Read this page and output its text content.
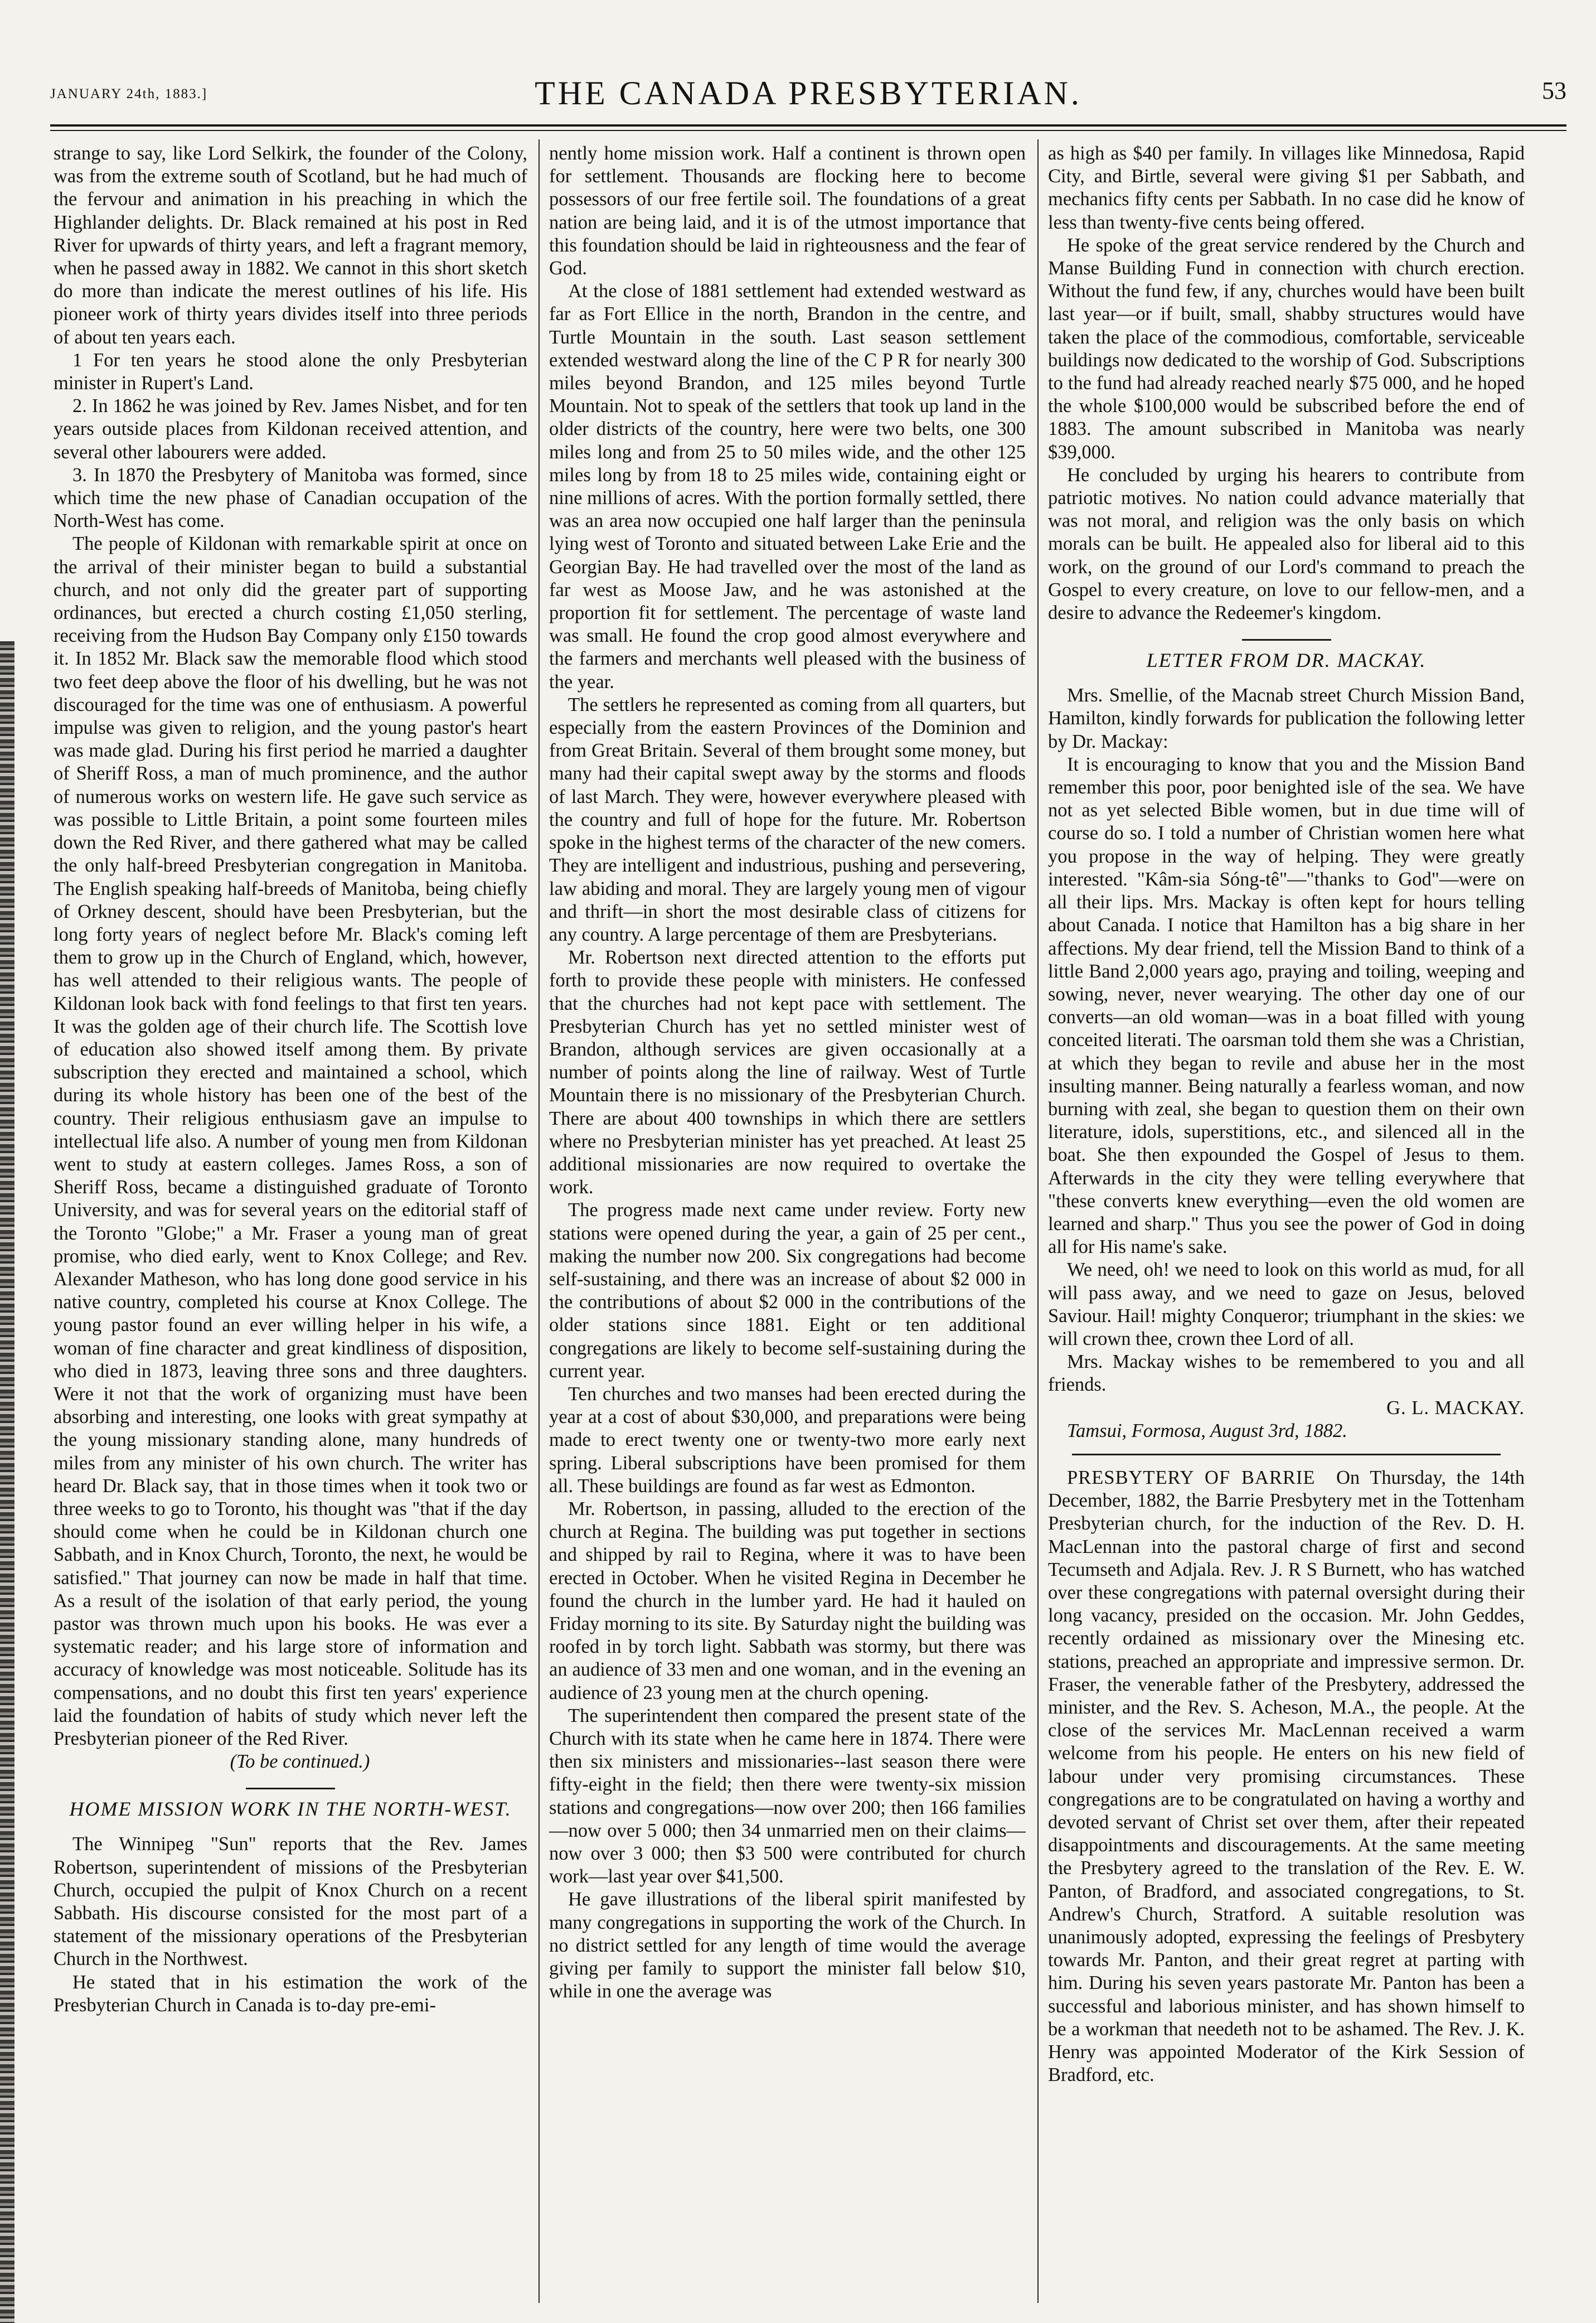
JANUARY 24th, 1883.]	THE CANADA PRESBYTERIAN.	53

strange to say, like Lord Selkirk, the founder of the Colony, was from the extreme south of Scotland, but he had much of the fervour and animation in his preaching in which the Highlander delights. Dr. Black remained at his post in Red River for upwards of thirty years, and left a fragrant memory, when he passed away in 1882. We cannot in this short sketch do more than indicate the merest outlines of his life. His pioneer work of thirty years divides itself into three periods of about ten years each.

1 For ten years he stood alone the only Presbyterian minister in Rupert's Land.

2. In 1862 he was joined by Rev. James Nisbet, and for ten years outside places from Kildonan received attention, and several other labourers were added.

3. In 1870 the Presbytery of Manitoba was formed, since which time the new phase of Canadian occupation of the North-West has come.

The people of Kildonan with remarkable spirit at once on the arrival of their minister began to build a substantial church, and not only did the greater part of supporting ordinances, but erected a church costing £1,050 sterling, receiving from the Hudson Bay Company only £150 towards it. In 1852 Mr. Black saw the memorable flood which stood two feet deep above the floor of his dwelling, but he was not discouraged for the time was one of enthusiasm. A powerful impulse was given to religion, and the young pastor's heart was made glad. During his first period he married a daughter of Sheriff Ross, a man of much prominence, and the author of numerous works on western life. He gave such service as was possible to Little Britain, a point some fourteen miles down the Red River, and there gathered what may be called the only half-breed Presbyterian congregation in Manitoba. The English speaking half-breeds of Manitoba, being chiefly of Orkney descent, should have been Presbyterian, but the long forty years of neglect before Mr. Black's coming left them to grow up in the Church of England, which, however, has well attended to their religious wants. The people of Kildonan look back with fond feelings to that first ten years. It was the golden age of their church life. The Scottish love of education also showed itself among them. By private subscription they erected and maintained a school, which during its whole history has been one of the best of the country. Their religious enthusiasm gave an impulse to intellectual life also. A number of young men from Kildonan went to study at eastern colleges. James Ross, a son of Sheriff Ross, became a distinguished graduate of Toronto University, and was for several years on the editorial staff of the Toronto "Globe;" a Mr. Fraser a young man of great promise, who died early, went to Knox College; and Rev. Alexander Matheson, who has long done good service in his native country, completed his course at Knox College. The young pastor found an ever willing helper in his wife, a woman of fine character and great kindliness of disposition, who died in 1873, leaving three sons and three daughters. Were it not that the work of organizing must have been absorbing and interesting, one looks with great sympathy at the young missionary standing alone, many hundreds of miles from any minister of his own church. The writer has heard Dr. Black say, that in those times when it took two or three weeks to go to Toronto, his thought was "that if the day should come when he could be in Kildonan church one Sabbath, and in Knox Church, Toronto, the next, he would be satisfied." That journey can now be made in half that time. As a result of the isolation of that early period, the young pastor was thrown much upon his books. He was ever a systematic reader; and his large store of information and accuracy of knowledge was most noticeable. Solitude has its compensations, and no doubt this first ten years' experience laid the foundation of habits of study which never left the Presbyterian pioneer of the Red River.

(To be continued.)

HOME MISSION WORK IN THE NORTH-WEST.

The Winnipeg "Sun" reports that the Rev. James Robertson, superintendent of missions of the Presbyterian Church, occupied the pulpit of Knox Church on a recent Sabbath. His discourse consisted for the most part of a statement of the missionary operations of the Presbyterian Church in the Northwest.

He stated that in his estimation the work of the Presbyterian Church in Canada is to-day pre-emi-

nently home mission work. Half a continent is thrown open for settlement. Thousands are flocking here to become possessors of our free fertile soil. The foundations of a great nation are being laid, and it is of the utmost importance that this foundation should be laid in righteousness and the fear of God.

At the close of 1881 settlement had extended westward as far as Fort Ellice in the north, Brandon in the centre, and Turtle Mountain in the south. Last season settlement extended westward along the line of the C P R for nearly 300 miles beyond Brandon, and 125 miles beyond Turtle Mountain. Not to speak of the settlers that took up land in the older districts of the country, here were two belts, one 300 miles long and from 25 to 50 miles wide, and the other 125 miles long by from 18 to 25 miles wide, containing eight or nine millions of acres. With the portion formally settled, there was an area now occupied one half larger than the peninsula lying west of Toronto and situated between Lake Erie and the Georgian Bay. He had travelled over the most of the land as far west as Moose Jaw, and he was astonished at the proportion fit for settlement. The percentage of waste land was small. He found the crop good almost everywhere and the farmers and merchants well pleased with the business of the year.

The settlers he represented as coming from all quarters, but especially from the eastern Provinces of the Dominion and from Great Britain. Several of them brought some money, but many had their capital swept away by the storms and floods of last March. They were, however everywhere pleased with the country and full of hope for the future. Mr. Robertson spoke in the highest terms of the character of the new comers. They are intelligent and industrious, pushing and persevering, law abiding and moral. They are largely young men of vigour and thrift—in short the most desirable class of citizens for any country. A large percentage of them are Presbyterians.

Mr. Robertson next directed attention to the efforts put forth to provide these people with ministers. He confessed that the churches had not kept pace with settlement. The Presbyterian Church has yet no settled minister west of Brandon, although services are given occasionally at a number of points along the line of railway. West of Turtle Mountain there is no missionary of the Presbyterian Church. There are about 400 townships in which there are settlers where no Presbyterian minister has yet preached. At least 25 additional missionaries are now required to overtake the work.

The progress made next came under review. Forty new stations were opened during the year, a gain of 25 per cent., making the number now 200. Six congregations had become self-sustaining, and there was an increase of about $2 000 in the contributions of about $2 000 in the contributions of the older stations since 1881. Eight or ten additional congregations are likely to become self-sustaining during the current year.

Ten churches and two manses had been erected during the year at a cost of about $30,000, and preparations were being made to erect twenty one or twenty-two more early next spring. Liberal subscriptions have been promised for them all. These buildings are found as far west as Edmonton.

Mr. Robertson, in passing, alluded to the erection of the church at Regina. The building was put together in sections and shipped by rail to Regina, where it was to have been erected in October. When he visited Regina in December he found the church in the lumber yard. He had it hauled on Friday morning to its site. By Saturday night the building was roofed in by torch light. Sabbath was stormy, but there was an audience of 33 men and one woman, and in the evening an audience of 23 young men at the church opening.

The superintendent then compared the present state of the Church with its state when he came here in 1874. There were then six ministers and missionaries--last season there were fifty-eight in the field; then there were twenty-six mission stations and congregations—now over 200; then 166 families—now over 5 000; then 34 unmarried men on their claims—now over 3 000; then $3 500 were contributed for church work—last year over $41,500.

He gave illustrations of the liberal spirit manifested by many congregations in supporting the work of the Church. In no district settled for any length of time would the average giving per family to support the minister fall below $10, while in one the average was

as high as $40 per family. In villages like Minnedosa, Rapid City, and Birtle, several were giving $1 per Sabbath, and mechanics fifty cents per Sabbath. In no case did he know of less than twenty-five cents being offered.

He spoke of the great service rendered by the Church and Manse Building Fund in connection with church erection. Without the fund few, if any, churches would have been built last year—or if built, small, shabby structures would have taken the place of the commodious, comfortable, serviceable buildings now dedicated to the worship of God. Subscriptions to the fund had already reached nearly $75 000, and he hoped the whole $100,000 would be subscribed before the end of 1883. The amount subscribed in Manitoba was nearly $39,000.

He concluded by urging his hearers to contribute from patriotic motives. No nation could advance materially that was not moral, and religion was the only basis on which morals can be built. He appealed also for liberal aid to this work, on the ground of our Lord's command to preach the Gospel to every creature, on love to our fellow-men, and a desire to advance the Redeemer's kingdom.

LETTER FROM DR. MACKAY.

Mrs. Smellie, of the Macnab street Church Mission Band, Hamilton, kindly forwards for publication the following letter by Dr. Mackay:

It is encouraging to know that you and the Mission Band remember this poor, poor benighted isle of the sea. We have not as yet selected Bible women, but in due time will of course do so. I told a number of Christian women here what you propose in the way of helping. They were greatly interested. "Kâm-sia Sóng-tê"—"thanks to God"—were on all their lips. Mrs. Mackay is often kept for hours telling about Canada. I notice that Hamilton has a big share in her affections. My dear friend, tell the Mission Band to think of a little Band 2,000 years ago, praying and toiling, weeping and sowing, never, never wearying. The other day one of our converts—an old woman—was in a boat filled with young conceited literati. The oarsman told them she was a Christian, at which they began to revile and abuse her in the most insulting manner. Being naturally a fearless woman, and now burning with zeal, she began to question them on their own literature, idols, superstitions, etc., and silenced all in the boat. She then expounded the Gospel of Jesus to them. Afterwards in the city they were telling everywhere that "these converts knew everything—even the old women are learned and sharp." Thus you see the power of God in doing all for His name's sake.

We need, oh! we need to look on this world as mud, for all will pass away, and we need to gaze on Jesus, beloved Saviour. Hail! mighty Conqueror; triumphant in the skies: we will crown thee, crown thee Lord of all.

Mrs. Mackay wishes to be remembered to you and all friends.

G. L. MACKAY.

Tamsui, Formosa, August 3rd, 1882.

PRESBYTERY OF BARRIE On Thursday, the 14th December, 1882, the Barrie Presbytery met in the Tottenham Presbyterian church, for the induction of the Rev. D. H. MacLennan into the pastoral charge of first and second Tecumseth and Adjala. Rev. J. R S Burnett, who has watched over these congregations with paternal oversight during their long vacancy, presided on the occasion. Mr. John Geddes, recently ordained as missionary over the Minesing etc. stations, preached an appropriate and impressive sermon. Dr. Fraser, the venerable father of the Presbytery, addressed the minister, and the Rev. S. Acheson, M.A., the people. At the close of the services Mr. MacLennan received a warm welcome from his people. He enters on his new field of labour under very promising circumstances. These congregations are to be congratulated on having a worthy and devoted servant of Christ set over them, after their repeated disappointments and discouragements. At the same meeting the Presbytery agreed to the translation of the Rev. E. W. Panton, of Bradford, and associated congregations, to St. Andrew's Church, Stratford. A suitable resolution was unanimously adopted, expressing the feelings of Presbytery towards Mr. Panton, and their great regret at parting with him. During his seven years pastorate Mr. Panton has been a successful and laborious minister, and has shown himself to be a workman that needeth not to be ashamed. The Rev. J. K. Henry was appointed Moderator of the Kirk Session of Bradford, etc.
